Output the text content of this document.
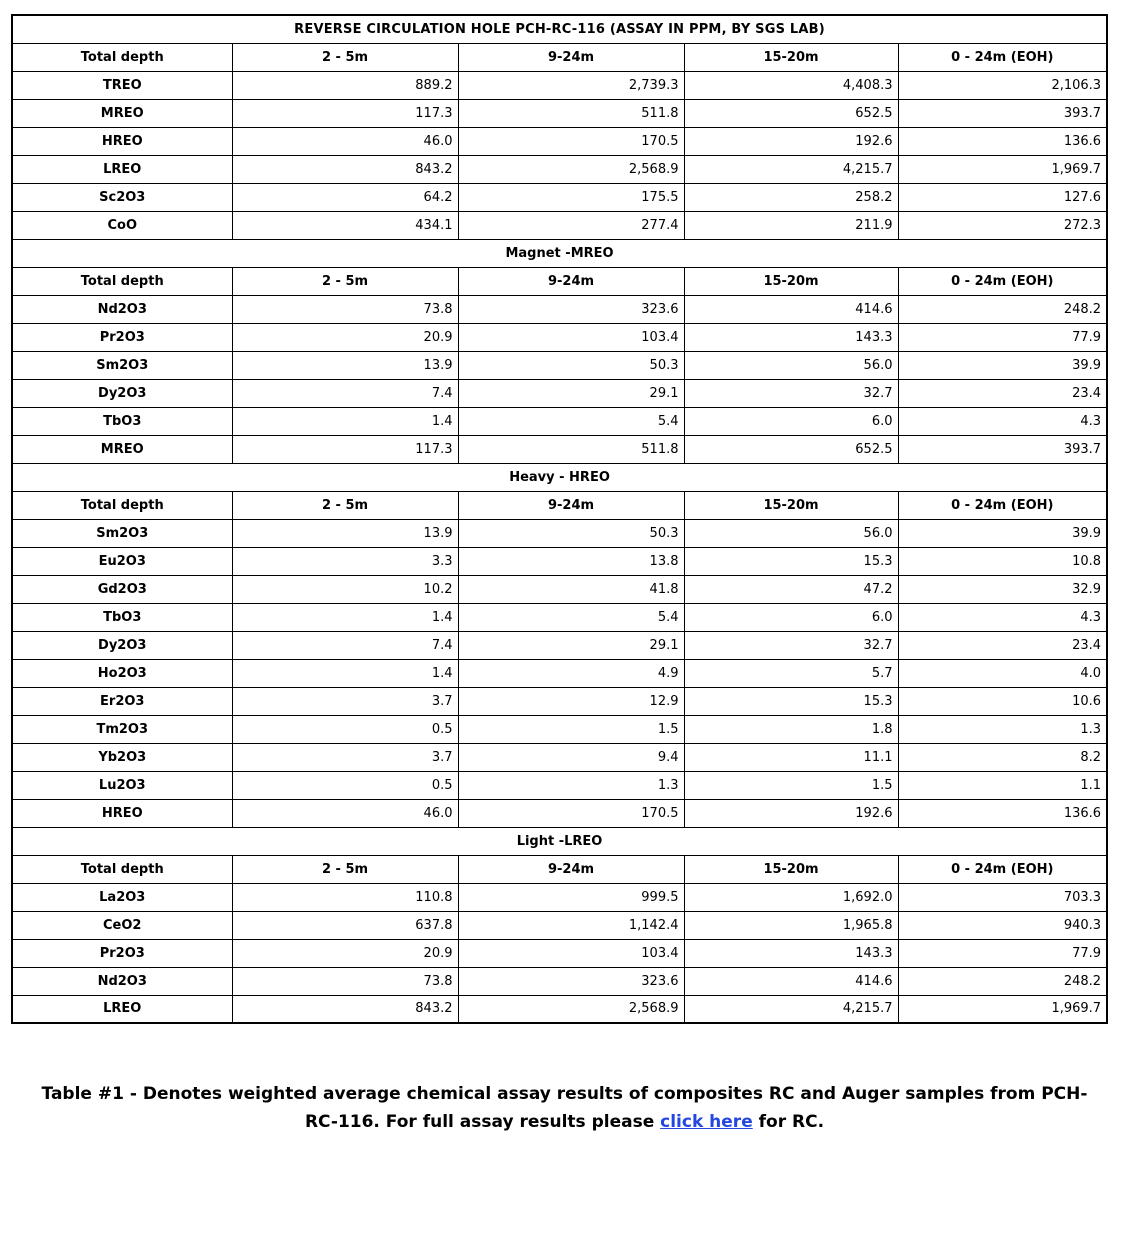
REVERSE CIRCULATION HOLE PCH-RC-116 (ASSAY IN PPM, BY SGS LAB)				
Total depth	2 - 5m	9-24m	15-20m	0 - 24m (EOH)
TREO	889.2	2,739.3	4,408.3	2,106.3
MREO	117.3	511.8	652.5	393.7
HREO	46.0	170.5	192.6	136.6
LREO	843.2	2,568.9	4,215.7	1,969.7
Sc2O3	64.2	175.5	258.2	127.6
CoO	434.1	277.4	211.9	272.3
Magnet -MREO				
Total depth	2 - 5m	9-24m	15-20m	0 - 24m (EOH)
Nd2O3	73.8	323.6	414.6	248.2
Pr2O3	20.9	103.4	143.3	77.9
Sm2O3	13.9	50.3	56.0	39.9
Dy2O3	7.4	29.1	32.7	23.4
TbO3	1.4	5.4	6.0	4.3
MREO	117.3	511.8	652.5	393.7
Heavy - HREO				
Total depth	2 - 5m	9-24m	15-20m	0 - 24m (EOH)
Sm2O3	13.9	50.3	56.0	39.9
Eu2O3	3.3	13.8	15.3	10.8
Gd2O3	10.2	41.8	47.2	32.9
TbO3	1.4	5.4	6.0	4.3
Dy2O3	7.4	29.1	32.7	23.4
Ho2O3	1.4	4.9	5.7	4.0
Er2O3	3.7	12.9	15.3	10.6
Tm2O3	0.5	1.5	1.8	1.3
Yb2O3	3.7	9.4	11.1	8.2
Lu2O3	0.5	1.3	1.5	1.1
HREO	46.0	170.5	192.6	136.6
Light -LREO				
Total depth	2 - 5m	9-24m	15-20m	0 - 24m (EOH)
La2O3	110.8	999.5	1,692.0	703.3
CeO2	637.8	1,142.4	1,965.8	940.3
Pr2O3	20.9	103.4	143.3	77.9
Nd2O3	73.8	323.6	414.6	248.2
LREO	843.2	2,568.9	4,215.7	1,969.7

Table #1 - Denotes weighted average chemical assay results of composites RC and Auger samples from PCH-RC-116. For full assay results please click here for RC.
